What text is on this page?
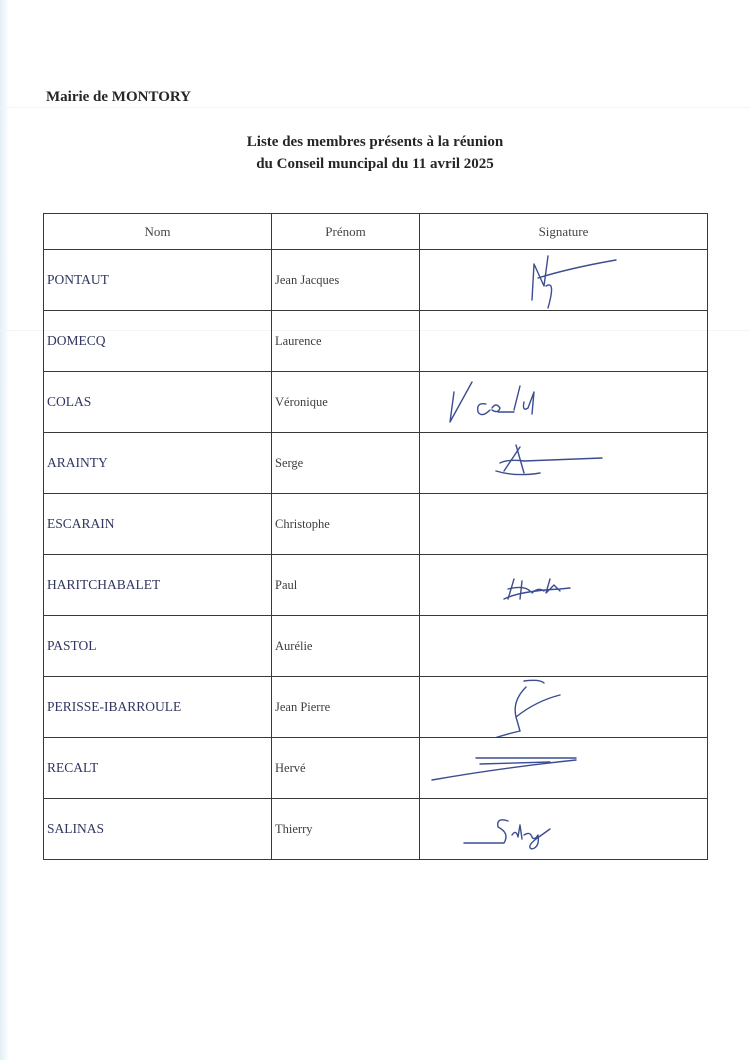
Mairie de MONTORY
Liste des membres présents à la réunion
du Conseil muncipal du 11 avril 2025
Nom	Prénom	Signature
PONTAUT	Jean Jacques	

DOMECQ	Laurence	
COLAS	Véronique	

ARAINTY	Serge	

ESCARAIN	Christophe	
HARITCHABALET	Paul	

PASTOL	Aurélie	
PERISSE-IBARROULE	Jean Pierre	

RECALT	Hervé	

SALINAS	Thierry	
